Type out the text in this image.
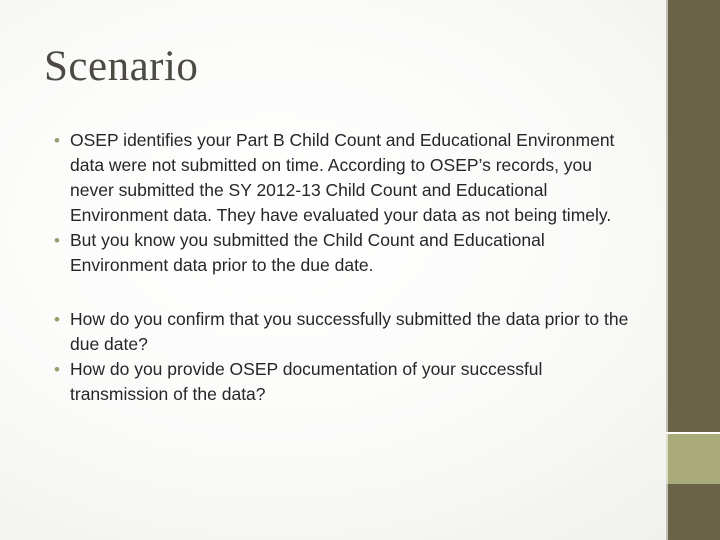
Scenario
• OSEP identifies your Part B Child Count and Educational Environment data were not submitted on time. According to OSEP’s records, you never submitted the SY 2012-13 Child Count and Educational Environment data. They have evaluated your data as not being timely.
• But you know you submitted the Child Count and Educational Environment data prior to the due date.
• How do you confirm that you successfully submitted the data prior to the due date?
• How do you provide OSEP documentation of your successful transmission of the data?
